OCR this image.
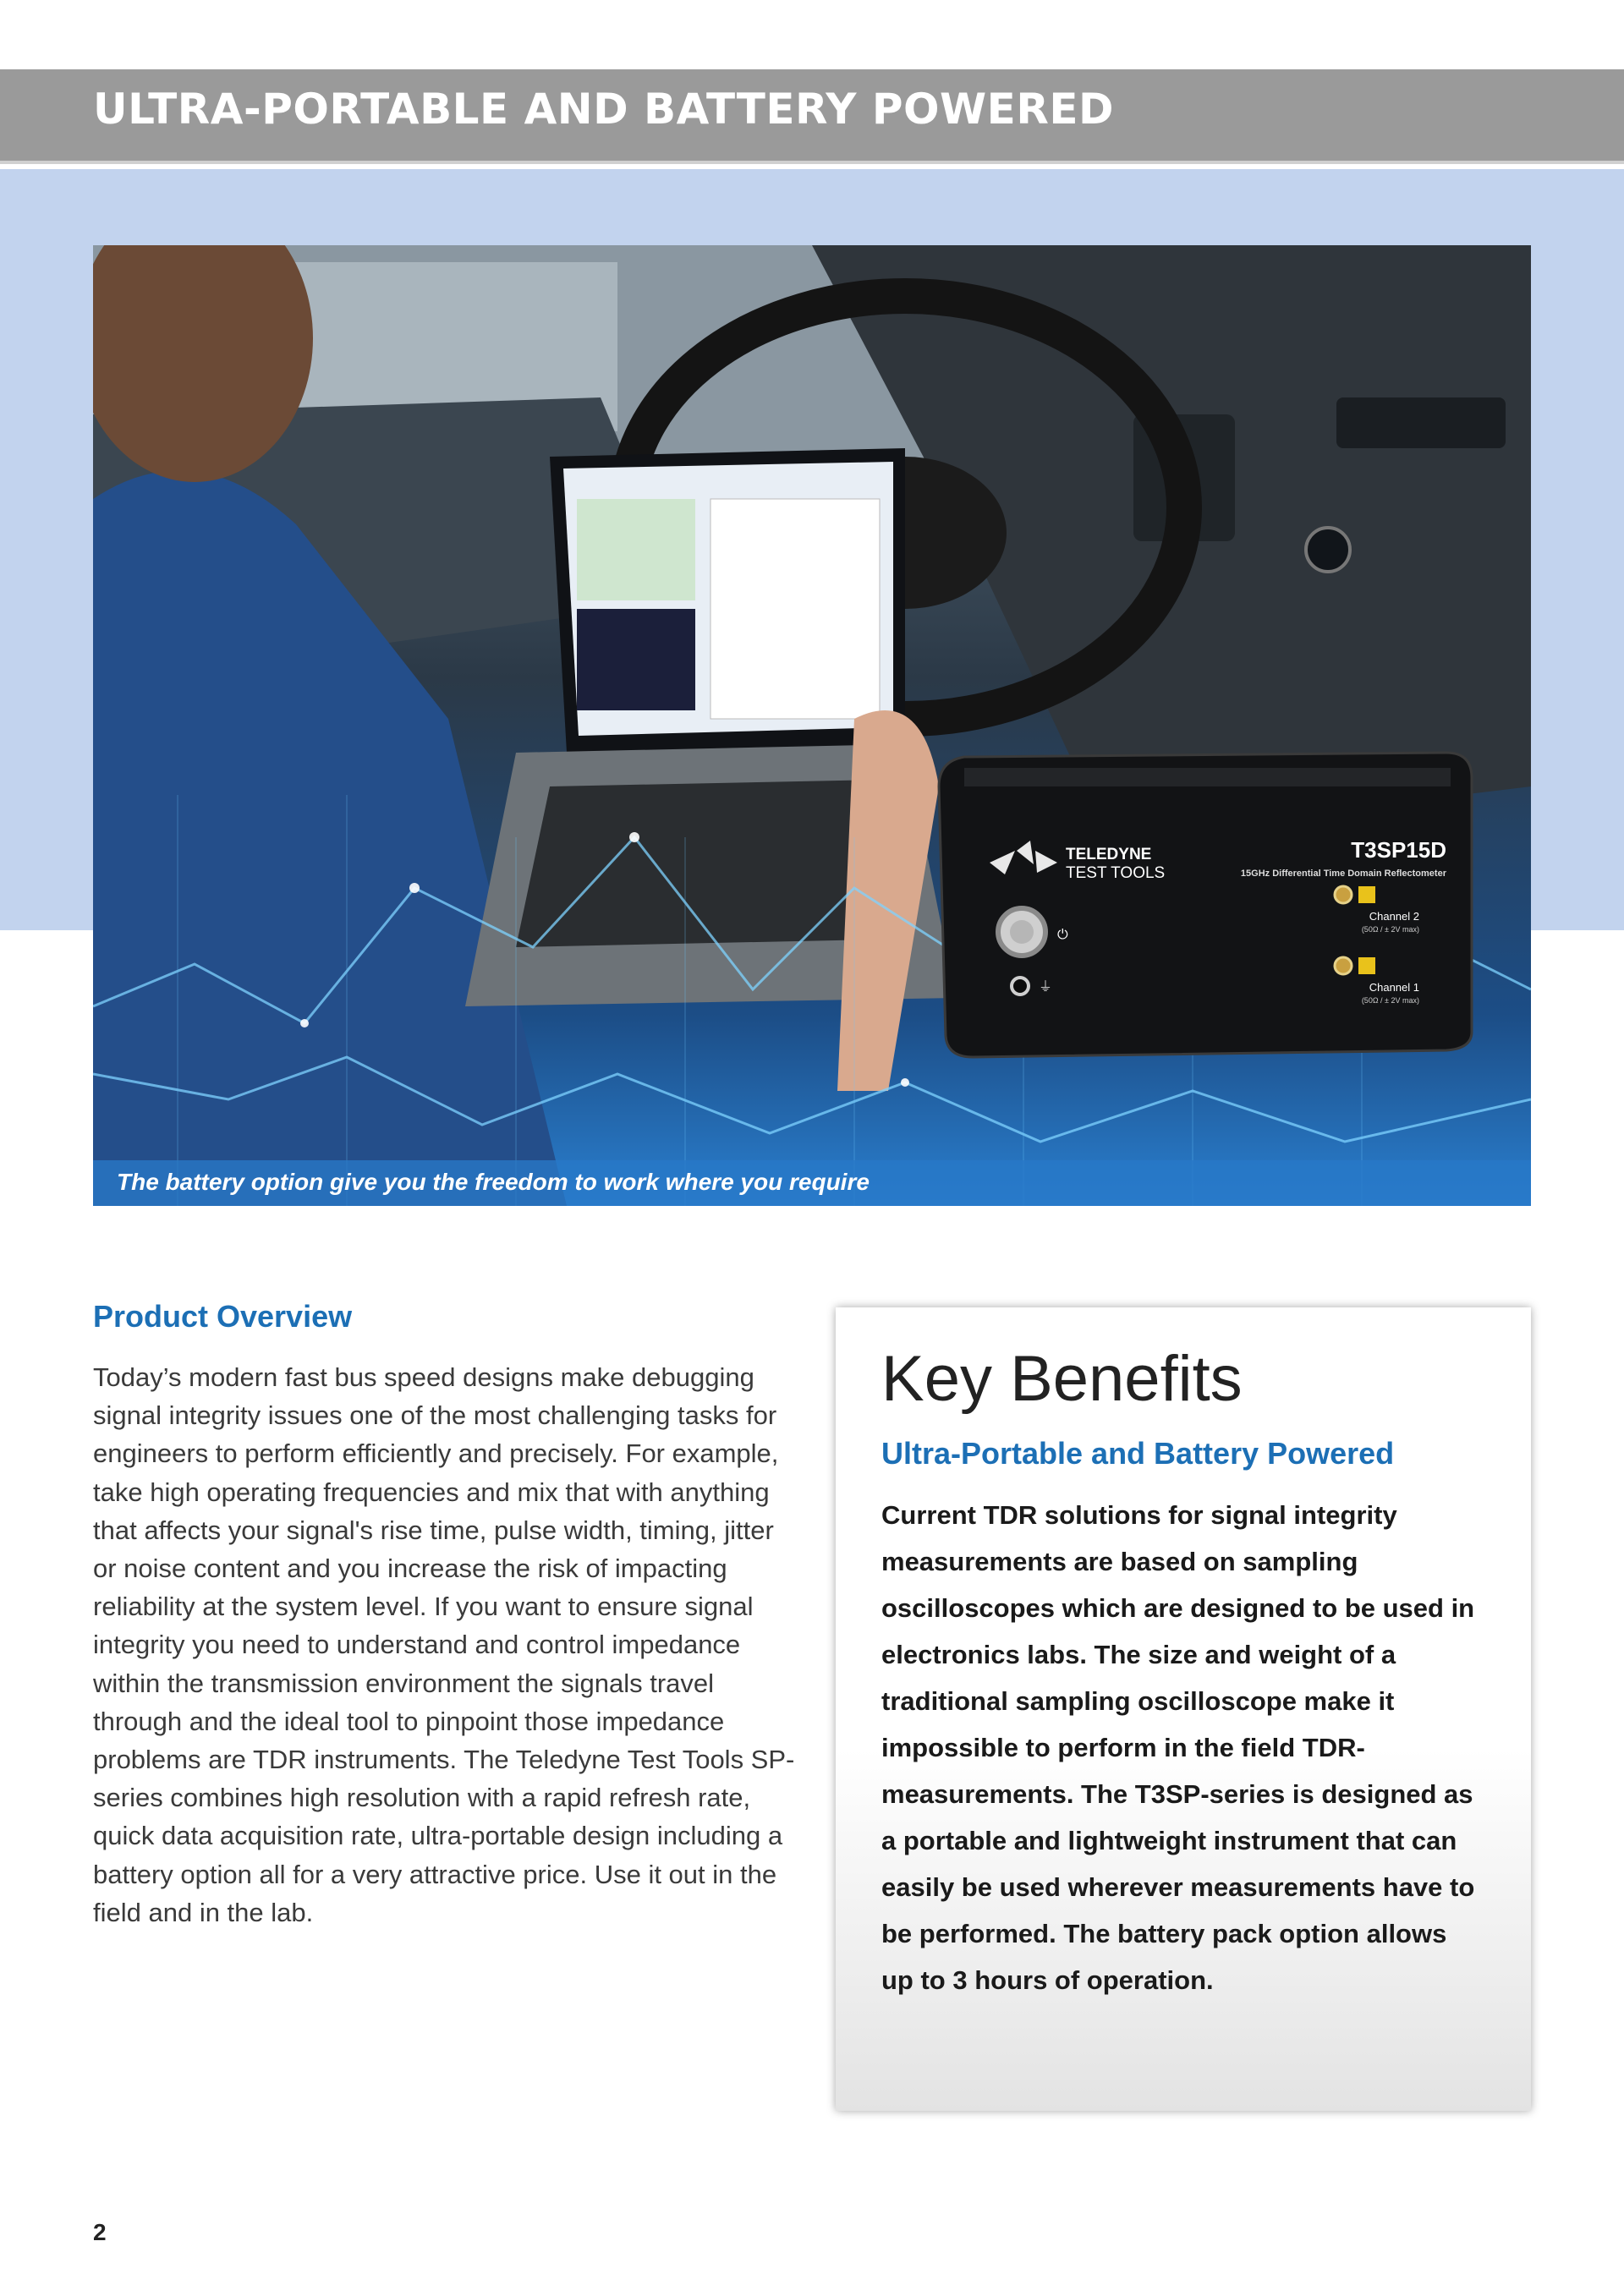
ULTRA-PORTABLE AND BATTERY POWERED
TELEDYNE
TEST TOOLS
T3SP15D
15GHz Differential Time Domain Reflectometer
Channel 2
(50Ω / ± 2V max)
Channel 1
(50Ω / ± 2V max)
⏻
⏚
The battery option give you the freedom to work where you require
Product Overview

Today’s modern fast bus speed designs make debugging signal integrity issues one of the most challenging tasks for engineers to perform efficiently and precisely. For example, take high operating frequencies and mix that with anything that affects your signal's rise time, pulse width, timing, jitter or noise content and you increase the risk of impacting reliability at the system level. If you want to ensure signal integrity you need to understand and control impedance within the transmission environment the signals travel through and the ideal tool to pinpoint those impedance problems are TDR instruments. The Teledyne Test Tools SP-series combines high resolution with a rapid refresh rate, quick data acquisition rate, ultra-portable design including a battery option all for a very attractive price. Use it out in the field and in the lab.

Key Benefits
Ultra-Portable and Battery Powered

Current TDR solutions for signal integrity measurements are based on sampling oscilloscopes which are designed to be used in electronics labs. The size and weight of a traditional sampling oscilloscope make it impossible to perform in the field TDR-measurements. The T3SP-series is designed as a portable and lightweight instrument that can easily be used wherever measurements have to be performed. The battery pack option allows up to 3 hours of operation.

2
